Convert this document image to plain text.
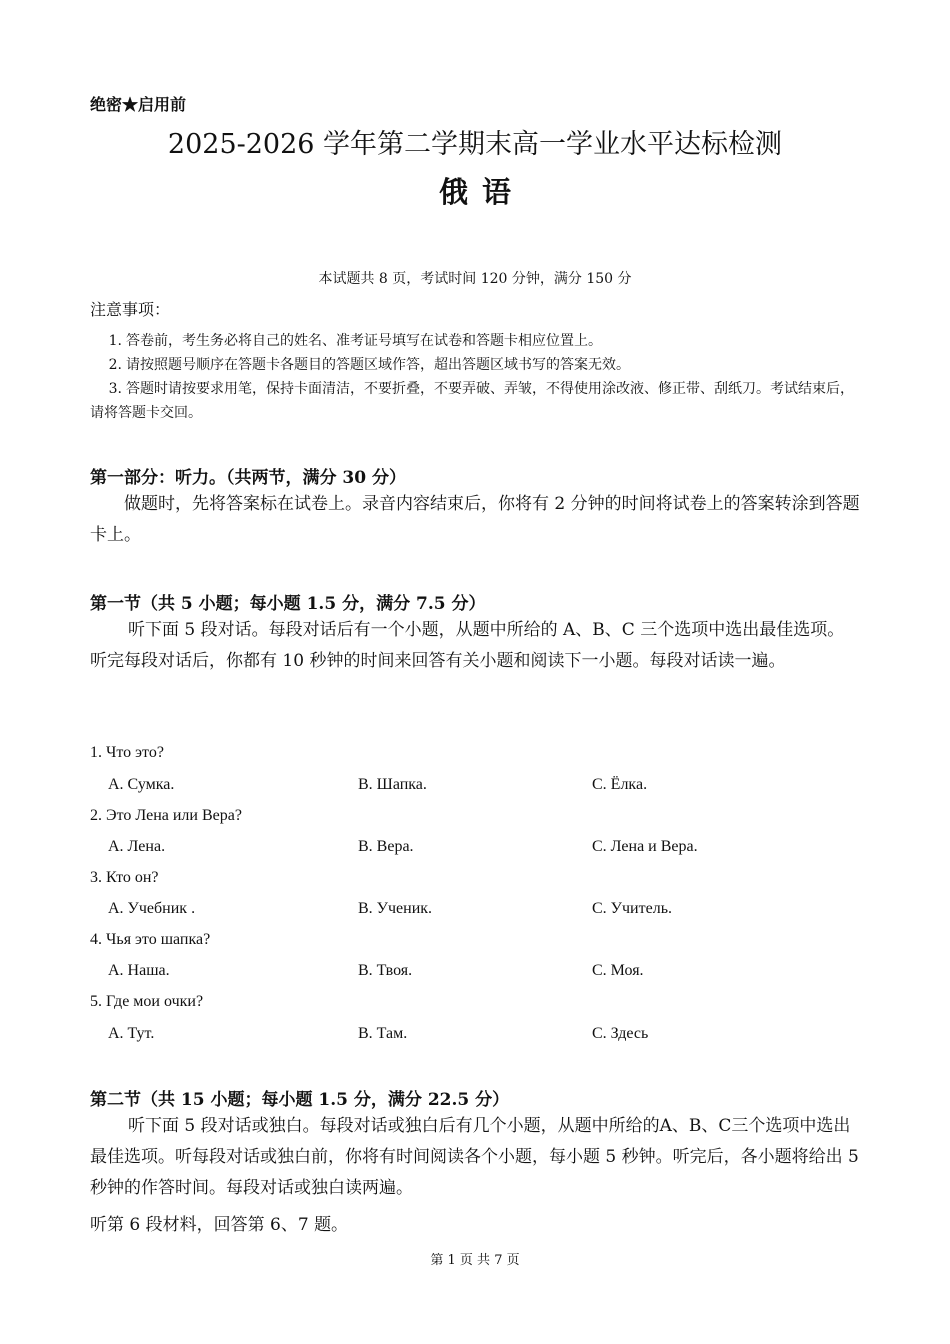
绝密★启用前
2025-2026 学年第二学期末高一学业水平达标检测
俄语
本试题共 8 页，考试时间 120 分钟，满分 150 分
注意事项：
1. 答卷前，考生务必将自己的姓名、准考证号填写在试卷和答题卡相应位置上。
2. 请按照题号顺序在答题卡各题目的答题区域作答，超出答题区域书写的答案无效。
3. 答题时请按要求用笔，保持卡面清洁，不要折叠，不要弄破、弄皱，不得使用涂改液、修正带、刮纸刀。考试结束后，请将答题卡交回。
第一部分：听力。（共两节，满分 30 分）
做题时，先将答案标在试卷上。录音内容结束后，你将有 2 分钟的时间将试卷上的答案转涂到答题卡上。
第一节（共 5 小题；每小题 1.5 分，满分 7.5 分）
听下面 5 段对话。每段对话后有一个小题，从题中所给的 A、B、C 三个选项中选出最佳选项。听完每段对话后，你都有 10 秒钟的时间来回答有关小题和阅读下一小题。每段对话读一遍。
1. Что это?
A. Сумка.	B. Шапка.	C. Ёлка.
2. Это Лена или Вера?
A. Лена.	B. Вера.	C. Лена и Вера.
3. Кто он?
A. Учебник .	B. Ученик.	C. Учитель.
4. Чья это шапка?
A. Наша.	B. Твоя.	C. Моя.
5. Где мои очки?
A. Тут.	B. Там.	C. Здесь
第二节（共 15 小题；每小题 1.5 分，满分 22.5 分）
听下面 5 段对话或独白。每段对话或独白后有几个小题，从题中所给的A、B、C三个选项中选出最佳选项。听每段对话或独白前，你将有时间阅读各个小题，每小题 5 秒钟。听完后，各小题将给出 5 秒钟的作答时间。每段对话或独白读两遍。
听第 6 段材料，回答第 6、7 题。
第 1 页 共 7 页
